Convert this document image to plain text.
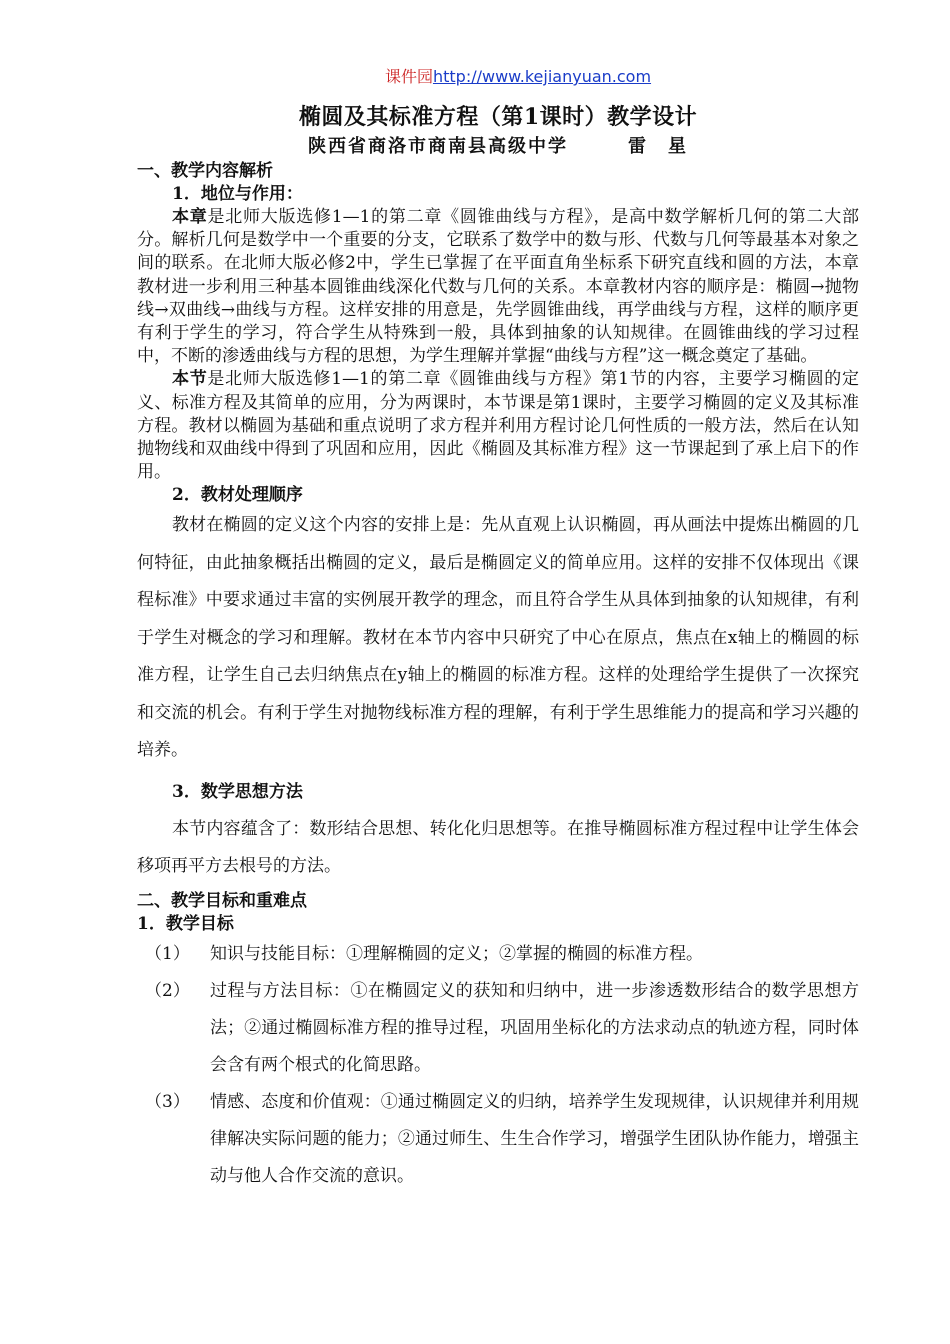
课件园http://www.kejianyuan.com
椭圆及其标准方程（第1课时）教学设计
陕西省商洛市商南县高级中学	雷　星
一、教学内容解析
1．地位与作用：

本章是北师大版选修1—1的第二章《圆锥曲线与方程》，是高中数学解析几何的第二大部分。解析几何是数学中一个重要的分支，它联系了数学中的数与形、代数与几何等最基本对象之间的联系。在北师大版必修2中，学生已掌握了在平面直角坐标系下研究直线和圆的方法，本章教材进一步利用三种基本圆锥曲线深化代数与几何的关系。本章教材内容的顺序是：椭圆→抛物线→双曲线→曲线与方程。这样安排的用意是，先学圆锥曲线，再学曲线与方程，这样的顺序更有利于学生的学习，符合学生从特殊到一般，具体到抽象的认知规律。在圆锥曲线的学习过程中，不断的渗透曲线与方程的思想，为学生理解并掌握“曲线与方程”这一概念奠定了基础。

本节是北师大版选修1—1的第二章《圆锥曲线与方程》第1节的内容，主要学习椭圆的定义、标准方程及其简单的应用，分为两课时，本节课是第1课时，主要学习椭圆的定义及其标准方程。教材以椭圆为基础和重点说明了求方程并利用方程讨论几何性质的一般方法，然后在认知抛物线和双曲线中得到了巩固和应用，因此《椭圆及其标准方程》这一节课起到了承上启下的作用。

2．教材处理顺序

教材在椭圆的定义这个内容的安排上是：先从直观上认识椭圆，再从画法中提炼出椭圆的几何特征，由此抽象概括出椭圆的定义，最后是椭圆定义的简单应用。这样的安排不仅体现出《课程标准》中要求通过丰富的实例展开教学的理念，而且符合学生从具体到抽象的认知规律，有利于学生对概念的学习和理解。教材在本节内容中只研究了中心在原点，焦点在x轴上的椭圆的标准方程，让学生自己去归纳焦点在y轴上的椭圆的标准方程。这样的处理给学生提供了一次探究和交流的机会。有利于学生对抛物线标准方程的理解，有利于学生思维能力的提高和学习兴趣的培养。

3．数学思想方法

本节内容蕴含了：数形结合思想、转化化归思想等。在推导椭圆标准方程过程中让学生体会移项再平方去根号的方法。

二、教学目标和重难点
1．教学目标
（1） 知识与技能目标：①理解椭圆的定义；②掌握的椭圆的标准方程。
（2） 过程与方法目标：①在椭圆定义的获知和归纳中，进一步渗透数形结合的数学思想方法；②通过椭圆标准方程的推导过程，巩固用坐标化的方法求动点的轨迹方程，同时体会含有两个根式的化简思路。
（3） 情感、态度和价值观：①通过椭圆定义的归纳，培养学生发现规律，认识规律并利用规律解决实际问题的能力；②通过师生、生生合作学习，增强学生团队协作能力，增强主动与他人合作交流的意识。
